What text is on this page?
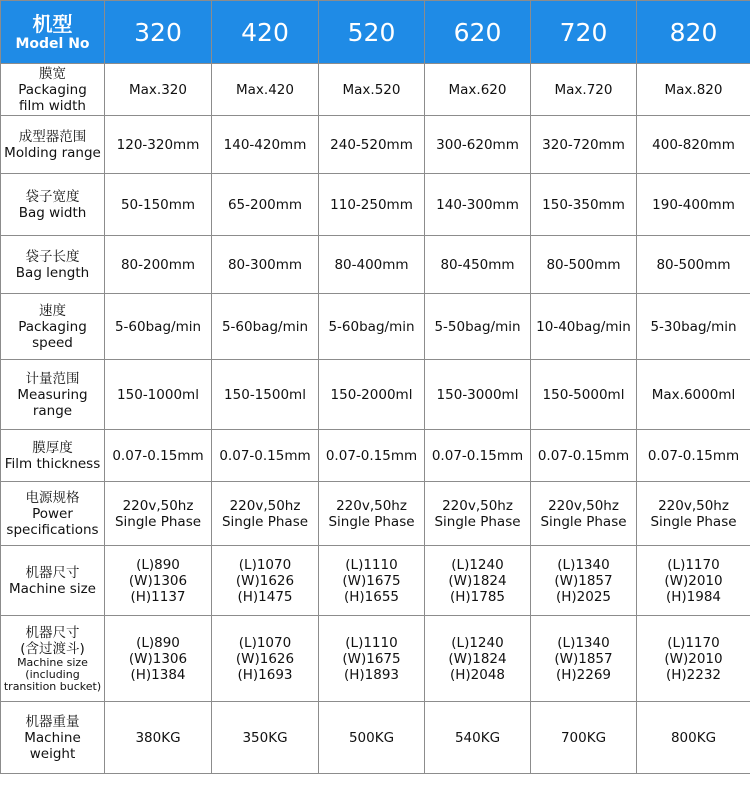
机型
Model No	320	420	520	620	720	820

膜宽
Packaging
film width	Max.320	Max.420	Max.520	Max.620	Max.720	Max.820

成型器范围
Molding range	120-320mm	140-420mm	240-520mm	300-620mm	320-720mm	400-820mm

袋子宽度
Bag width	50-150mm	65-200mm	110-250mm	140-300mm	150-350mm	190-400mm

袋子长度
Bag length	80-200mm	80-300mm	80-400mm	80-450mm	80-500mm	80-500mm

速度
Packaging
speed	5-60bag/min	5-60bag/min	5-60bag/min	5-50bag/min	10-40bag/min	5-30bag/min

计量范围
Measuring
range	150-1000ml	150-1500ml	150-2000ml	150-3000ml	150-5000ml	Max.6000ml

膜厚度
Film thickness	0.07-0.15mm	0.07-0.15mm	0.07-0.15mm	0.07-0.15mm	0.07-0.15mm	0.07-0.15mm

电源规格
Power
specifications	220v,50hz
Single Phase	220v,50hz
Single Phase	220v,50hz
Single Phase	220v,50hz
Single Phase	220v,50hz
Single Phase	220v,50hz
Single Phase

机器尺寸
Machine size	(L)890
(W)1306
(H)1137	(L)1070
(W)1626
(H)1475	(L)1110
(W)1675
(H)1655	(L)1240
(W)1824
(H)1785	(L)1340
(W)1857
(H)2025	(L)1170
(W)2010
(H)1984

机器尺寸
(含过渡斗)
Machine size
(including
transition bucket)	(L)890
(W)1306
(H)1384	(L)1070
(W)1626
(H)1693	(L)1110
(W)1675
(H)1893	(L)1240
(W)1824
(H)2048	(L)1340
(W)1857
(H)2269	(L)1170
(W)2010
(H)2232

机器重量
Machine
weight	380KG	350KG	500KG	540KG	700KG	800KG
